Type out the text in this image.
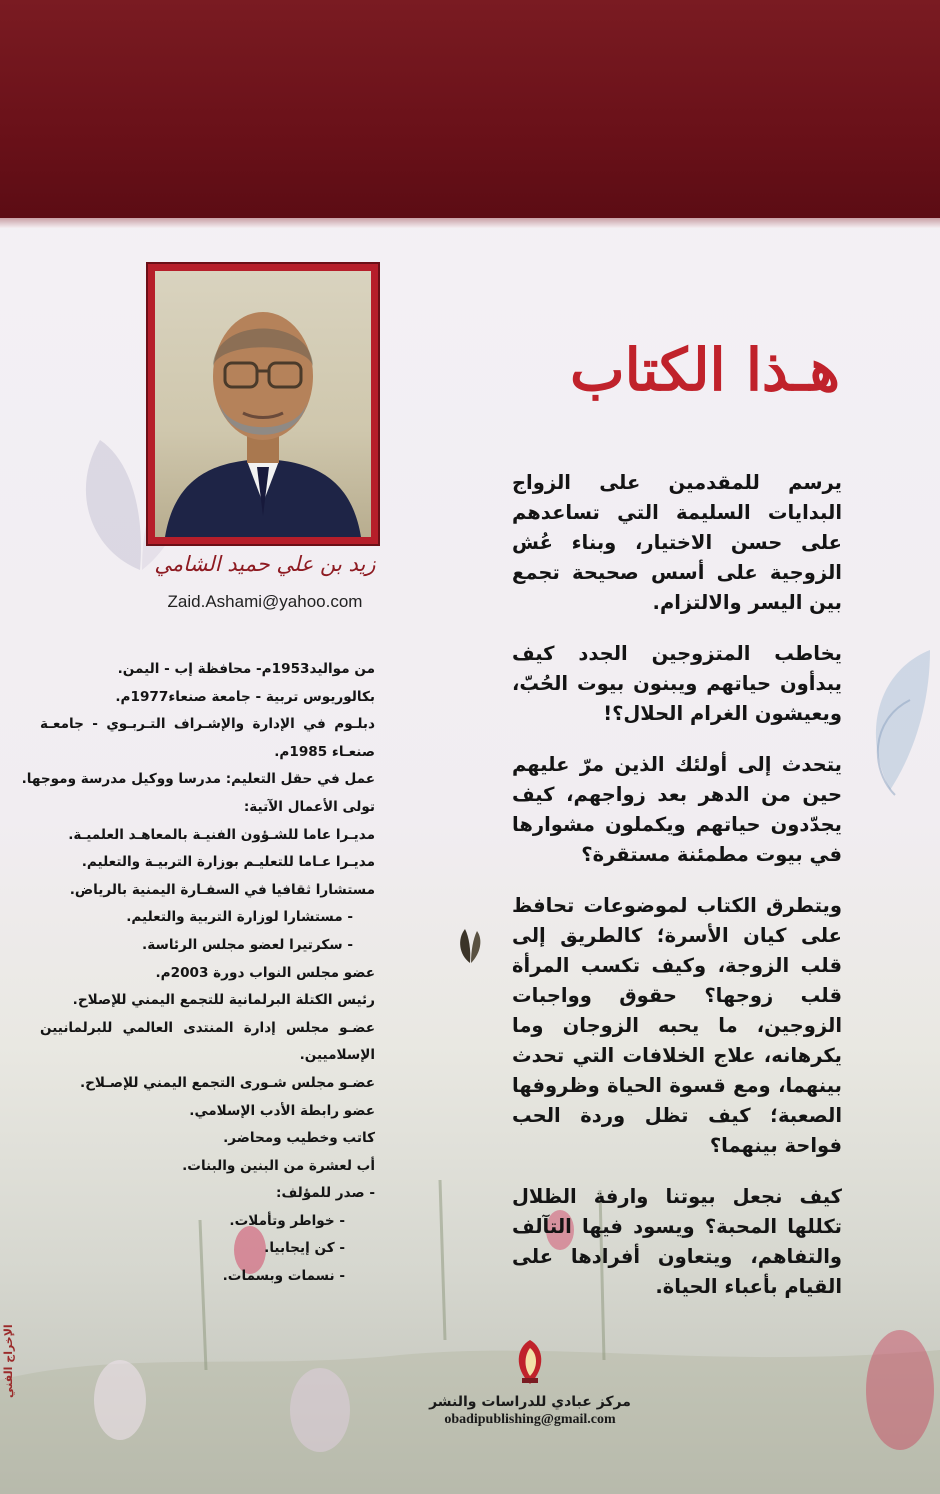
زيد بن علي حميد الشامي
Zaid.Ashami@yahoo.com
هـذا الكتاب

يرسم للمقدمين على الزواج البدايات السليمة التي تساعدهم على حسن الاختيار، وبناء عُش الزوجية على أسس صحيحة تجمع بين اليسر والالتزام.

يخاطب المتزوجين الجدد كيف يبدأون حياتهم ويبنون بيوت الحُبّ، ويعيشون الغرام الحلال؟!

يتحدث إلى أولئك الذين مرّ عليهم حين من الدهر بعد زواجهم، كيف يجدّدون حياتهم ويكملون مشوارها في بيوت مطمئنة مستقرة؟

ويتطرق الكتاب لموضوعات تحافظ على كيان الأسرة؛ كالطريق إلى قلب الزوجة، وكيف تكسب المرأة قلب زوجها؟ حقوق وواجبات الزوجين، ما يحبه الزوجان وما يكرهانه، علاج الخلافات التي تحدث بينهما، ومع قسوة الحياة وظروفها الصعبة؛ كيف تظل وردة الحب فواحة بينهما؟

كيف نجعل بيوتنا وارفة الظلال تكللها المحبة؟ ويسود فيها التآلف والتفاهم، ويتعاون أفرادها على القيام بأعباء الحياة.

من مواليد1953م- محافظة إب - اليمن.
بكالوريوس تربية - جامعة صنعاء1977م.
دبلـوم في الإدارة والإشـراف التـربـوي - جامعـة صنعـاء 1985م.
عمل في حقل التعليم: مدرسا ووكيل مدرسة وموجها.
تولى الأعمال الآتية:
مديـرا عاما للشـؤون الفنيـة بالمعاهـد العلميـة.
مديـرا عـاما للتعليـم بوزارة التربيـة والتعليم.
مستشارا ثقافيا في السفـارة اليمنية بالرياض.
- مستشارا لوزارة التربية والتعليم.
- سكرتيرا لعضو مجلس الرئاسة.
عضو مجلس النواب دورة 2003م.
رئيس الكتلة البرلمانية للتجمع اليمني للإصلاح.
عضـو مجلس إدارة المنتدى العالمي للبرلمانيين الإسلاميين.
عضـو مجلس شـورى التجمع اليمني للإصـلاح.
عضو رابطة الأدب الإسلامي.
كاتب وخطيب ومحاضر.
أب لعشرة من البنين والبنات.
- صدر للمؤلف:
- خواطر وتأملات.
- كن إيجابيا.
- نسمات وبسمات.
مركز عبادي للدراسات والنشر
obadipublishing@gmail.com
الإخراج الفني
